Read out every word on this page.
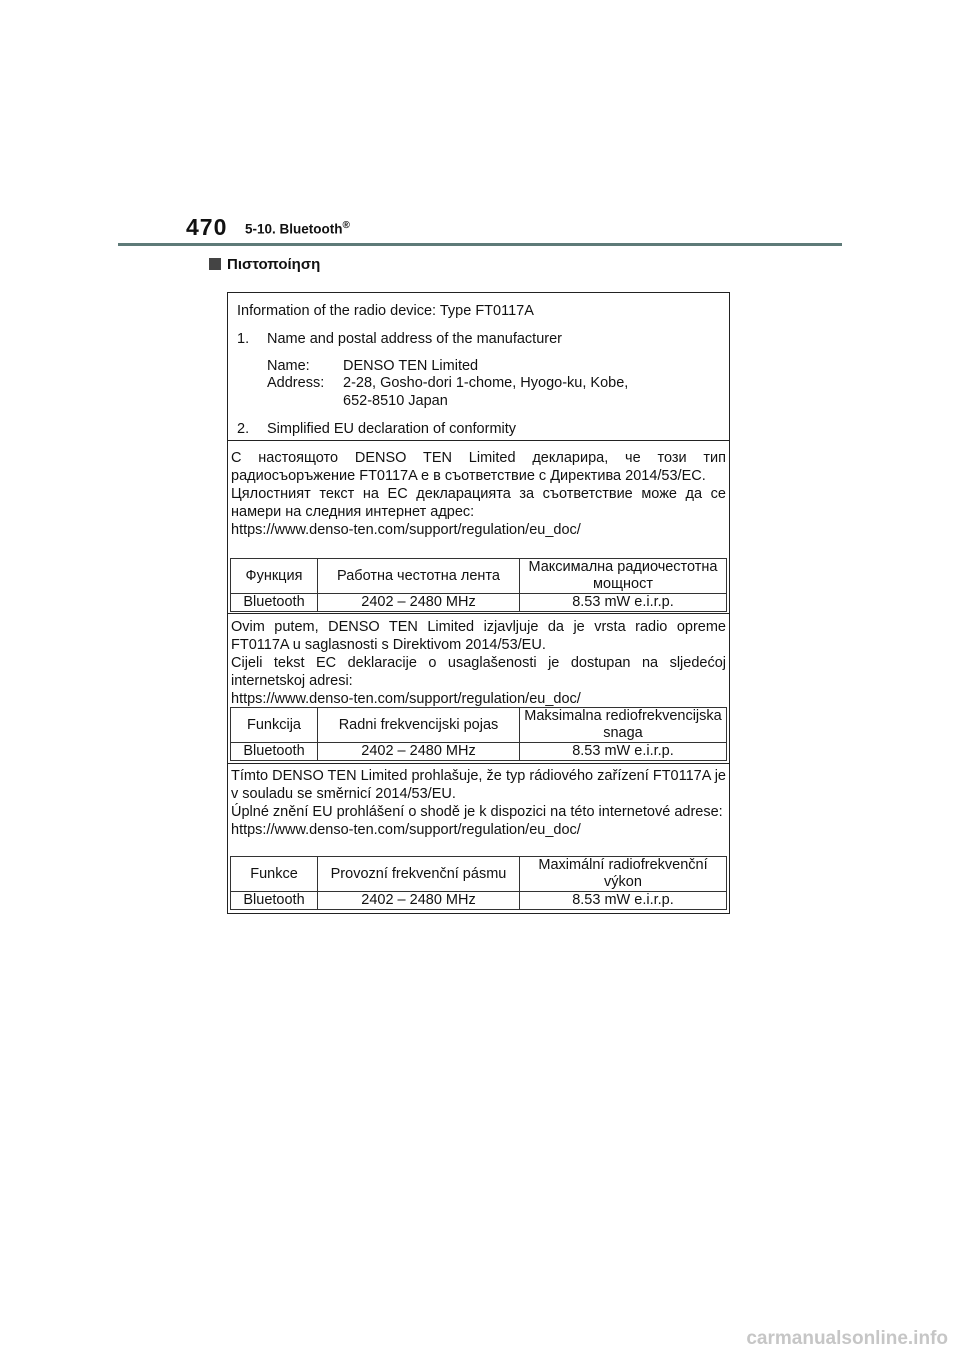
470 5-10. Bluetooth®
Πιστοποίηση
Information of the radio device: Type FT0117A
1. Name and postal address of the manufacturer
Name: DENSO TEN Limited
Address: 2-28, Gosho-dori 1-chome, Hyogo-ku, Kobe,
652-8510 Japan
2. Simplified EU declaration of conformity

С настоящото DENSO TEN Limited декларира, че този тип радиосъоръжение FT0117A е в съответствие с Директива 2014/53/ЕС.

Цялостният текст на ЕС декларацията за съответствие може да се намери на следния интернет адрес:

https://www.denso-ten.com/support/regulation/eu_doc/

Функция	Работна честотна лента	Максимална радиочестотна мощност
Bluetooth	2402 – 2480 MHz	8.53 mW e.i.r.p.

Ovim putem, DENSO TEN Limited izjavljuje da je vrsta radio opreme FT0117A u saglasnosti s Direktivom 2014/53/EU.

Cijeli tekst EC deklaracije o usaglašenosti je dostupan na sljedećoj internetskoj adresi:

https://www.denso-ten.com/support/regulation/eu_doc/

Funkcija	Radni frekvencijski pojas	Maksimalna rediofrekvencijska snaga
Bluetooth	2402 – 2480 MHz	8.53 mW e.i.r.p.

Tímto DENSO TEN Limited prohlašuje, že typ rádiového zařízení FT0117A je v souladu se směrnicí 2014/53/EU.

Úplné znění EU prohlášení o shodě je k dispozici na této internetové adrese:

https://www.denso-ten.com/support/regulation/eu_doc/

Funkce	Provozní frekvenční pásmu	Maximální radiofrekvenční výkon
Bluetooth	2402 – 2480 MHz	8.53 mW e.i.r.p.
carmanualsonline.info
